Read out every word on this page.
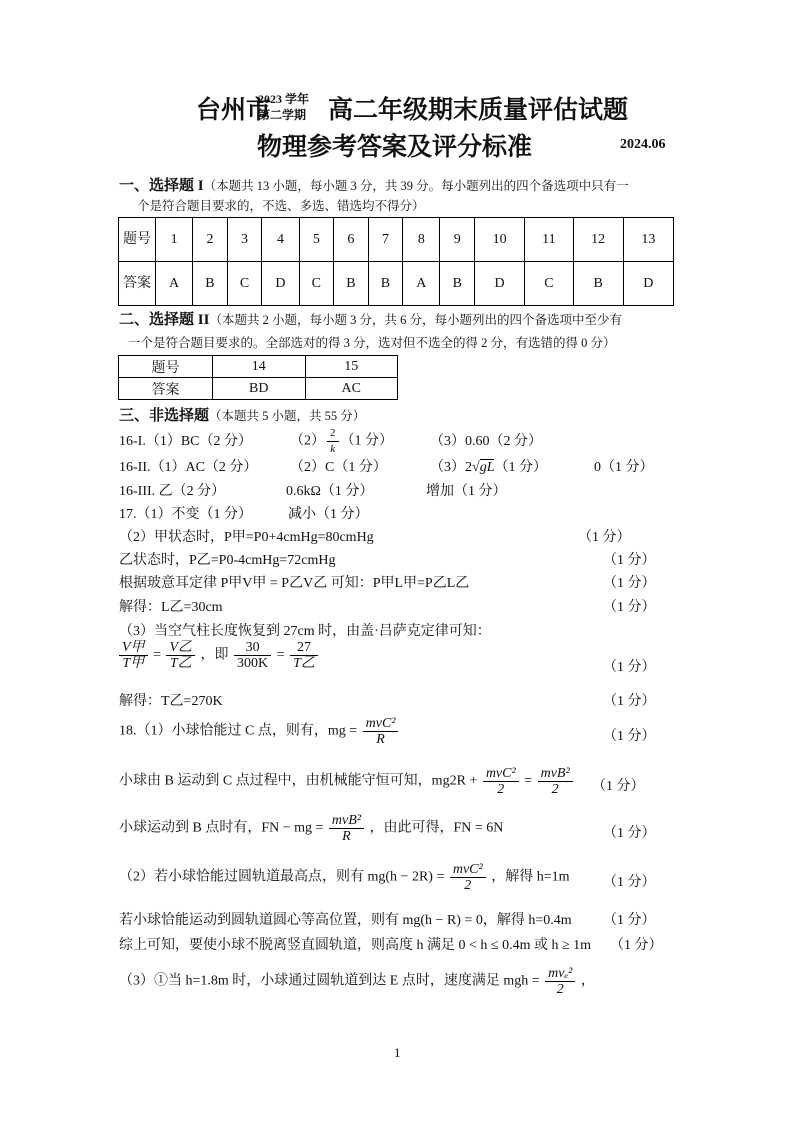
台州市
2023 学年
第二学期 高二年级期末质量评估试题
物理参考答案及评分标准	2024.06
一、选择题 I（本题共 13 小题，每小题 3 分，共 39 分。每小题列出的四个备选项中只有一
个是符合题目要求的，不选、多选、错选均不得分）
题号	1	2	3	4	5	6	7	8	9	10	11	12	13
答案	A	B	C	D	C	B	B	A	B	D	C	B	D
二、选择题 II（本题共 2 小题，每小题 3 分，共 6 分，每小题列出的四个备选项中至少有
一个是符合题目要求的。全部选对的得 3 分，选对但不选全的得 2 分，有选错的得 0 分）
题号	14	15
答案	BD	AC
三、非选择题（本题共 5 小题，共 55 分）
16-I.（1）BC（2 分）	$(2) \frac{2}{k} (1$ 分）	（3）0.60（2 分）
16-II.（1）AC（2 分） （2）C（1 分）	（3）2√gL（1 分）	0（1 分）
16-III. 乙（2 分）	0.6kΩ（1 分）	增加（1 分）
17.（1）不变（1 分）	减小（1 分）
（2）甲状态时，P甲=P0+4cmHg=80cmHg	（1 分）
乙状态时，P乙=P0-4cmHg=72cmHg	（1 分）
根据玻意耳定律 P甲V甲 = P乙V乙 可知：P甲L甲=P乙L乙	（1 分）
解得：L乙=30cm	（1 分）
（3）当空气柱长度恢复到 27cm 时，由盖·吕萨克定律可知：
$\frac{\text{V甲}}{\text{T甲}} = \frac{\text{V乙}}{\text{T乙}}$ ，即 $\frac{30}{300K} = \frac{27}{\text{T乙}}$	（1 分）
解得：T乙=270K	（1 分）
18.（1）小球恰能过 C 点，则有，mg = $\frac{\text{mvC²}}{R}$	（1 分）
小球由 B 运动到 C 点过程中，由机械能守恒可知，$mg2R + \frac{\text{mvC²}}{2} = \frac{\text{mvB²}}{2} (1$ 分）
小球运动到 B 点时有，FN − mg = $\frac{\text{mvB²}}{R}$ ，由此可得，FN = 6N	（1 分）
（2）若小球恰能过圆轨道最高点，则有 $mg(h - 2R) = \frac{\text{mvC²}}{2}$ ，解得 h=1m （1 分）
若小球恰能运动到圆轨道圆心等高位置，则有 mg(h − R) = 0，解得 h=0.4m （1 分）
综上可知，要使小球不脱离竖直圆轨道，则高度 h 满足 0 < h ≤ 0.4m 或 h ≥ 1m （1 分）
（3）①当 h=1.8m 时，小球通过圆轨道到达 E 点时，速度满足 mgh = $\frac{\text{mvₑ²}}{2}$ ，
1
